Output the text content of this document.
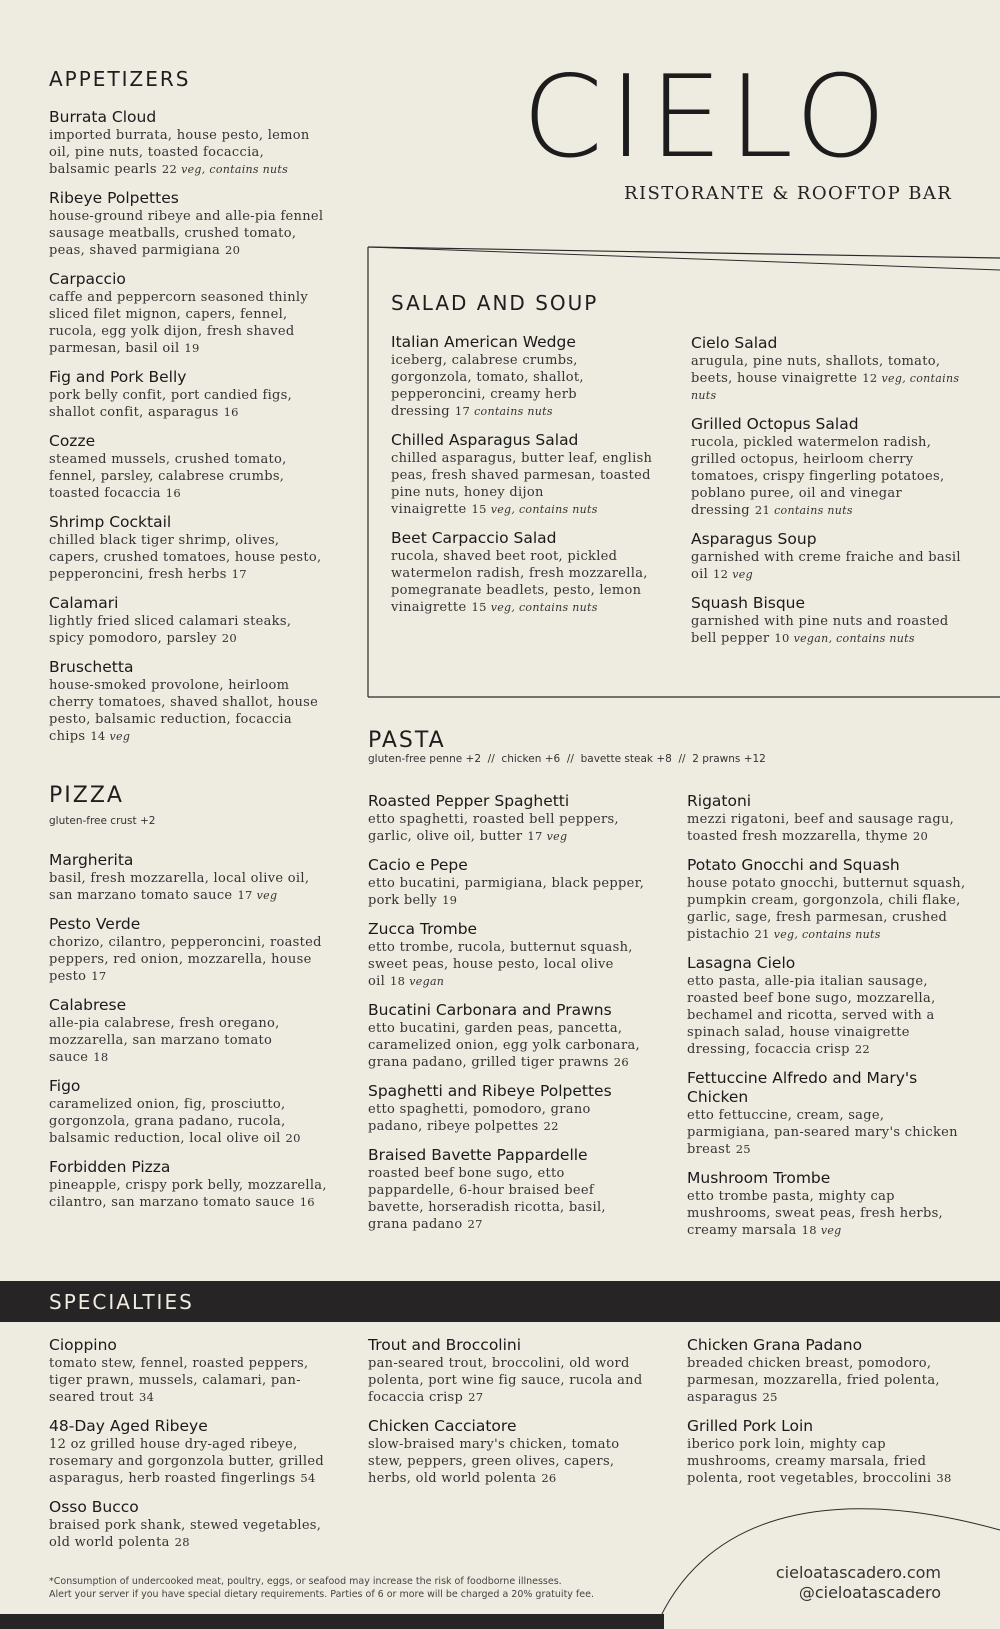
CIELO
RISTORANTE & ROOFTOP BAR
APPETIZERS
Burrata Cloud
imported burrata, house pesto, lemon oil, pine nuts, toasted focaccia, balsamic pearls 22 veg, contains nuts
Ribeye Polpettes
house-ground ribeye and alle-pia fennel sausage meatballs, crushed tomato, peas, shaved parmigiana 20
Carpaccio
caffe and peppercorn seasoned thinly sliced filet mignon, capers, fennel, rucola, egg yolk dijon, fresh shaved parmesan, basil oil 19
Fig and Pork Belly
pork belly confit, port candied figs, shallot confit, asparagus 16
Cozze
steamed mussels, crushed tomato, fennel, parsley, calabrese crumbs, toasted focaccia 16
Shrimp Cocktail
chilled black tiger shrimp, olives, capers, crushed tomatoes, house pesto, pepperoncini, fresh herbs 17
Calamari
lightly fried sliced calamari steaks, spicy pomodoro, parsley 20
Bruschetta
house-smoked provolone, heirloom cherry tomatoes, shaved shallot, house pesto, balsamic reduction, focaccia chips 14 veg
PIZZA
gluten-free crust +2
Margherita
basil, fresh mozzarella, local olive oil, san marzano tomato sauce 17 veg
Pesto Verde
chorizo, cilantro, pepperoncini, roasted peppers, red onion, mozzarella, house pesto 17
Calabrese
alle-pia calabrese, fresh oregano, mozzarella, san marzano tomato sauce 18
Figo
caramelized onion, fig, prosciutto, gorgonzola, grana padano, rucola, balsamic reduction, local olive oil 20
Forbidden Pizza
pineapple, crispy pork belly, mozzarella, cilantro, san marzano tomato sauce 16
SALAD AND SOUP
Italian American Wedge
iceberg, calabrese crumbs, gorgonzola, tomato, shallot, pepperoncini, creamy herb dressing 17 contains nuts
Chilled Asparagus Salad
chilled asparagus, butter leaf, english peas, fresh shaved parmesan, toasted pine nuts, honey dijon vinaigrette 15 veg, contains nuts
Beet Carpaccio Salad
rucola, shaved beet root, pickled watermelon radish, fresh mozzarella, pomegranate beadlets, pesto, lemon vinaigrette 15 veg, contains nuts
Cielo Salad
arugula, pine nuts, shallots, tomato, beets, house vinaigrette 12 veg, contains nuts
Grilled Octopus Salad
rucola, pickled watermelon radish, grilled octopus, heirloom cherry tomatoes, crispy fingerling potatoes, poblano puree, oil and vinegar dressing 21 contains nuts
Asparagus Soup
garnished with creme fraiche and basil oil 12 veg
Squash Bisque
garnished with pine nuts and roasted bell pepper 10 vegan, contains nuts
PASTA
gluten-free penne +2  //  chicken +6  //  bavette steak +8  //  2 prawns +12
Roasted Pepper Spaghetti
etto spaghetti, roasted bell peppers, garlic, olive oil, butter 17 veg
Cacio e Pepe
etto bucatini, parmigiana, black pepper, pork belly 19
Zucca Trombe
etto trombe, rucola, butternut squash, sweet peas, house pesto, local olive oil 18 vegan
Bucatini Carbonara and Prawns
etto bucatini, garden peas, pancetta, caramelized onion, egg yolk carbonara, grana padano, grilled tiger prawns 26
Spaghetti and Ribeye Polpettes
etto spaghetti, pomodoro, grano padano, ribeye polpettes 22
Braised Bavette Pappardelle
roasted beef bone sugo, etto pappardelle, 6-hour braised beef bavette, horseradish ricotta, basil, grana padano 27
Rigatoni
mezzi rigatoni, beef and sausage ragu, toasted fresh mozzarella, thyme 20
Potato Gnocchi and Squash
house potato gnocchi, butternut squash, pumpkin cream, gorgonzola, chili flake, garlic, sage, fresh parmesan, crushed pistachio 21 veg, contains nuts
Lasagna Cielo
etto pasta, alle-pia italian sausage, roasted beef bone sugo, mozzarella, bechamel and ricotta, served with a spinach salad, house vinaigrette dressing, focaccia crisp 22
Fettuccine Alfredo and Mary's Chicken
etto fettuccine, cream, sage, parmigiana, pan-seared mary's chicken breast 25
Mushroom Trombe
etto trombe pasta, mighty cap mushrooms, sweat peas, fresh herbs, creamy marsala 18 veg
SPECIALTIES
Cioppino
tomato stew, fennel, roasted peppers, tiger prawn, mussels, calamari, pan-seared trout 34
48-Day Aged Ribeye
12 oz grilled house dry-aged ribeye, rosemary and gorgonzola butter, grilled asparagus, herb roasted fingerlings 54
Osso Bucco
braised pork shank, stewed vegetables, old world polenta 28
Trout and Broccolini
pan-seared trout, broccolini, old word polenta, port wine fig sauce, rucola and focaccia crisp 27
Chicken Cacciatore
slow-braised mary's chicken, tomato stew, peppers, green olives, capers, herbs, old world polenta 26
Chicken Grana Padano
breaded chicken breast, pomodoro, parmesan, mozzarella, fried polenta, asparagus 25
Grilled Pork Loin
iberico pork loin, mighty cap mushrooms, creamy marsala, fried polenta, root vegetables, broccolini 38
*Consumption of undercooked meat, poultry, eggs, or seafood may increase the risk of foodborne illnesses.
Alert your server if you have special dietary requirements. Parties of 6 or more will be charged a 20% gratuity fee.
cieloatascadero.com
@cieloatascadero
